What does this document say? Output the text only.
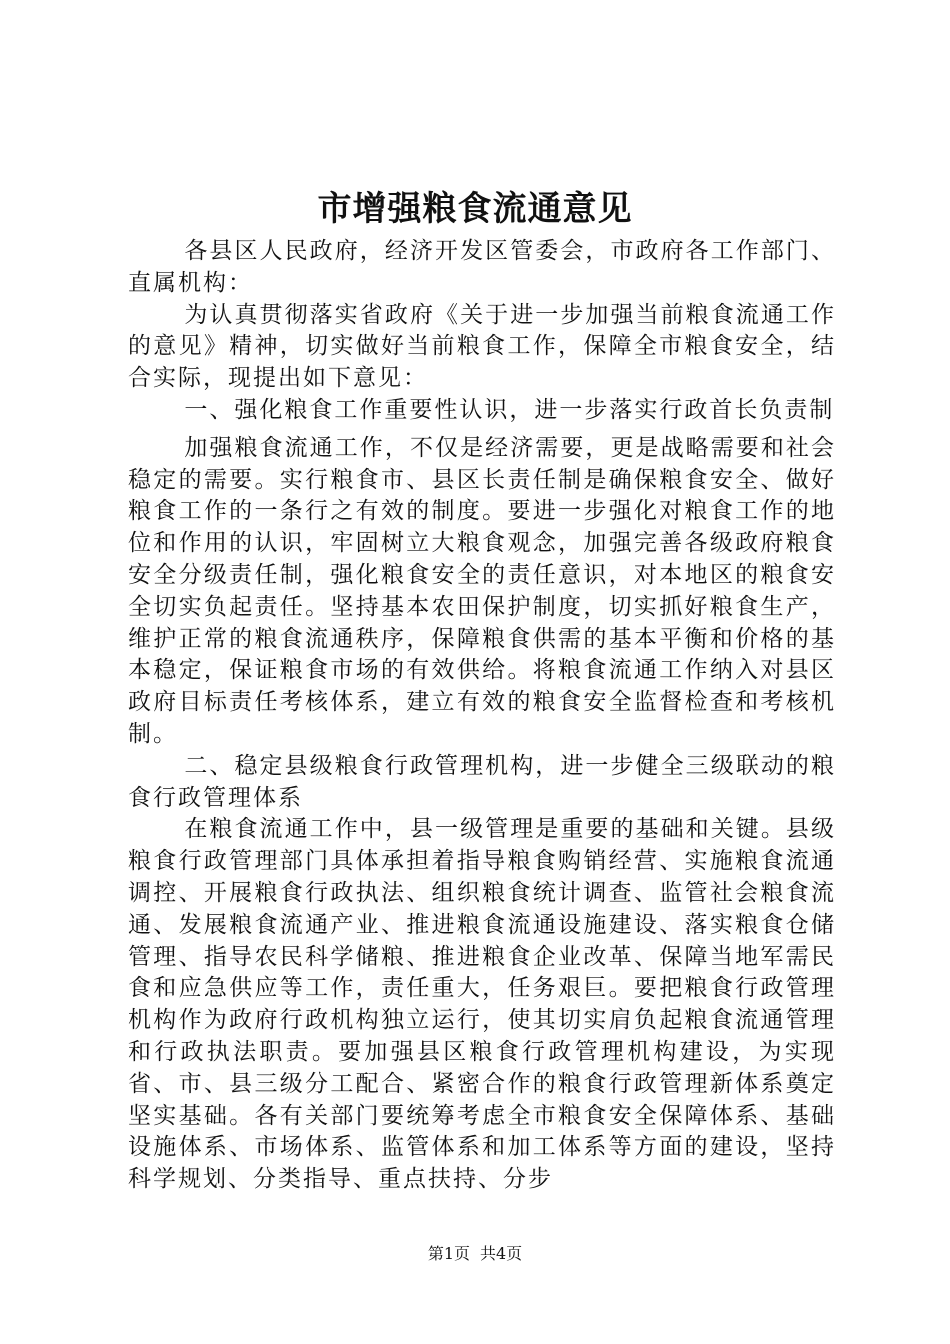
市增强粮食流通意见

各县区人民政府，经济开发区管委会，市政府各工作部门、直属机构：

为认真贯彻落实省政府《关于进一步加强当前粮食流通工作的意见》精神，切实做好当前粮食工作，保障全市粮食安全，结合实际，现提出如下意见：

一、强化粮食工作重要性认识，进一步落实行政首长负责制

加强粮食流通工作，不仅是经济需要，更是战略需要和社会稳定的需要。实行粮食市、县区长责任制是确保粮食安全、做好粮食工作的一条行之有效的制度。要进一步强化对粮食工作的地位和作用的认识，牢固树立大粮食观念，加强完善各级政府粮食安全分级责任制，强化粮食安全的责任意识，对本地区的粮食安全切实负起责任。坚持基本农田保护制度，切实抓好粮食生产，维护正常的粮食流通秩序，保障粮食供需的基本平衡和价格的基本稳定，保证粮食市场的有效供给。将粮食流通工作纳入对县区政府目标责任考核体系，建立有效的粮食安全监督检查和考核机制。

二、稳定县级粮食行政管理机构，进一步健全三级联动的粮食行政管理体系

在粮食流通工作中，县一级管理是重要的基础和关键。县级粮食行政管理部门具体承担着指导粮食购销经营、实施粮食流通调控、开展粮食行政执法、组织粮食统计调查、监管社会粮食流通、发展粮食流通产业、推进粮食流通设施建设、落实粮食仓储管理、指导农民科学储粮、推进粮食企业改革、保障当地军需民食和应急供应等工作，责任重大，任务艰巨。要把粮食行政管理机构作为政府行政机构独立运行，使其切实肩负起粮食流通管理和行政执法职责。要加强县区粮食行政管理机构建设，为实现省、市、县三级分工配合、紧密合作的粮食行政管理新体系奠定坚实基础。各有关部门要统筹考虑全市粮食安全保障体系、基础设施体系、市场体系、监管体系和加工体系等方面的建设，坚持科学规划、分类指导、重点扶持、分步

第1页 共4页
